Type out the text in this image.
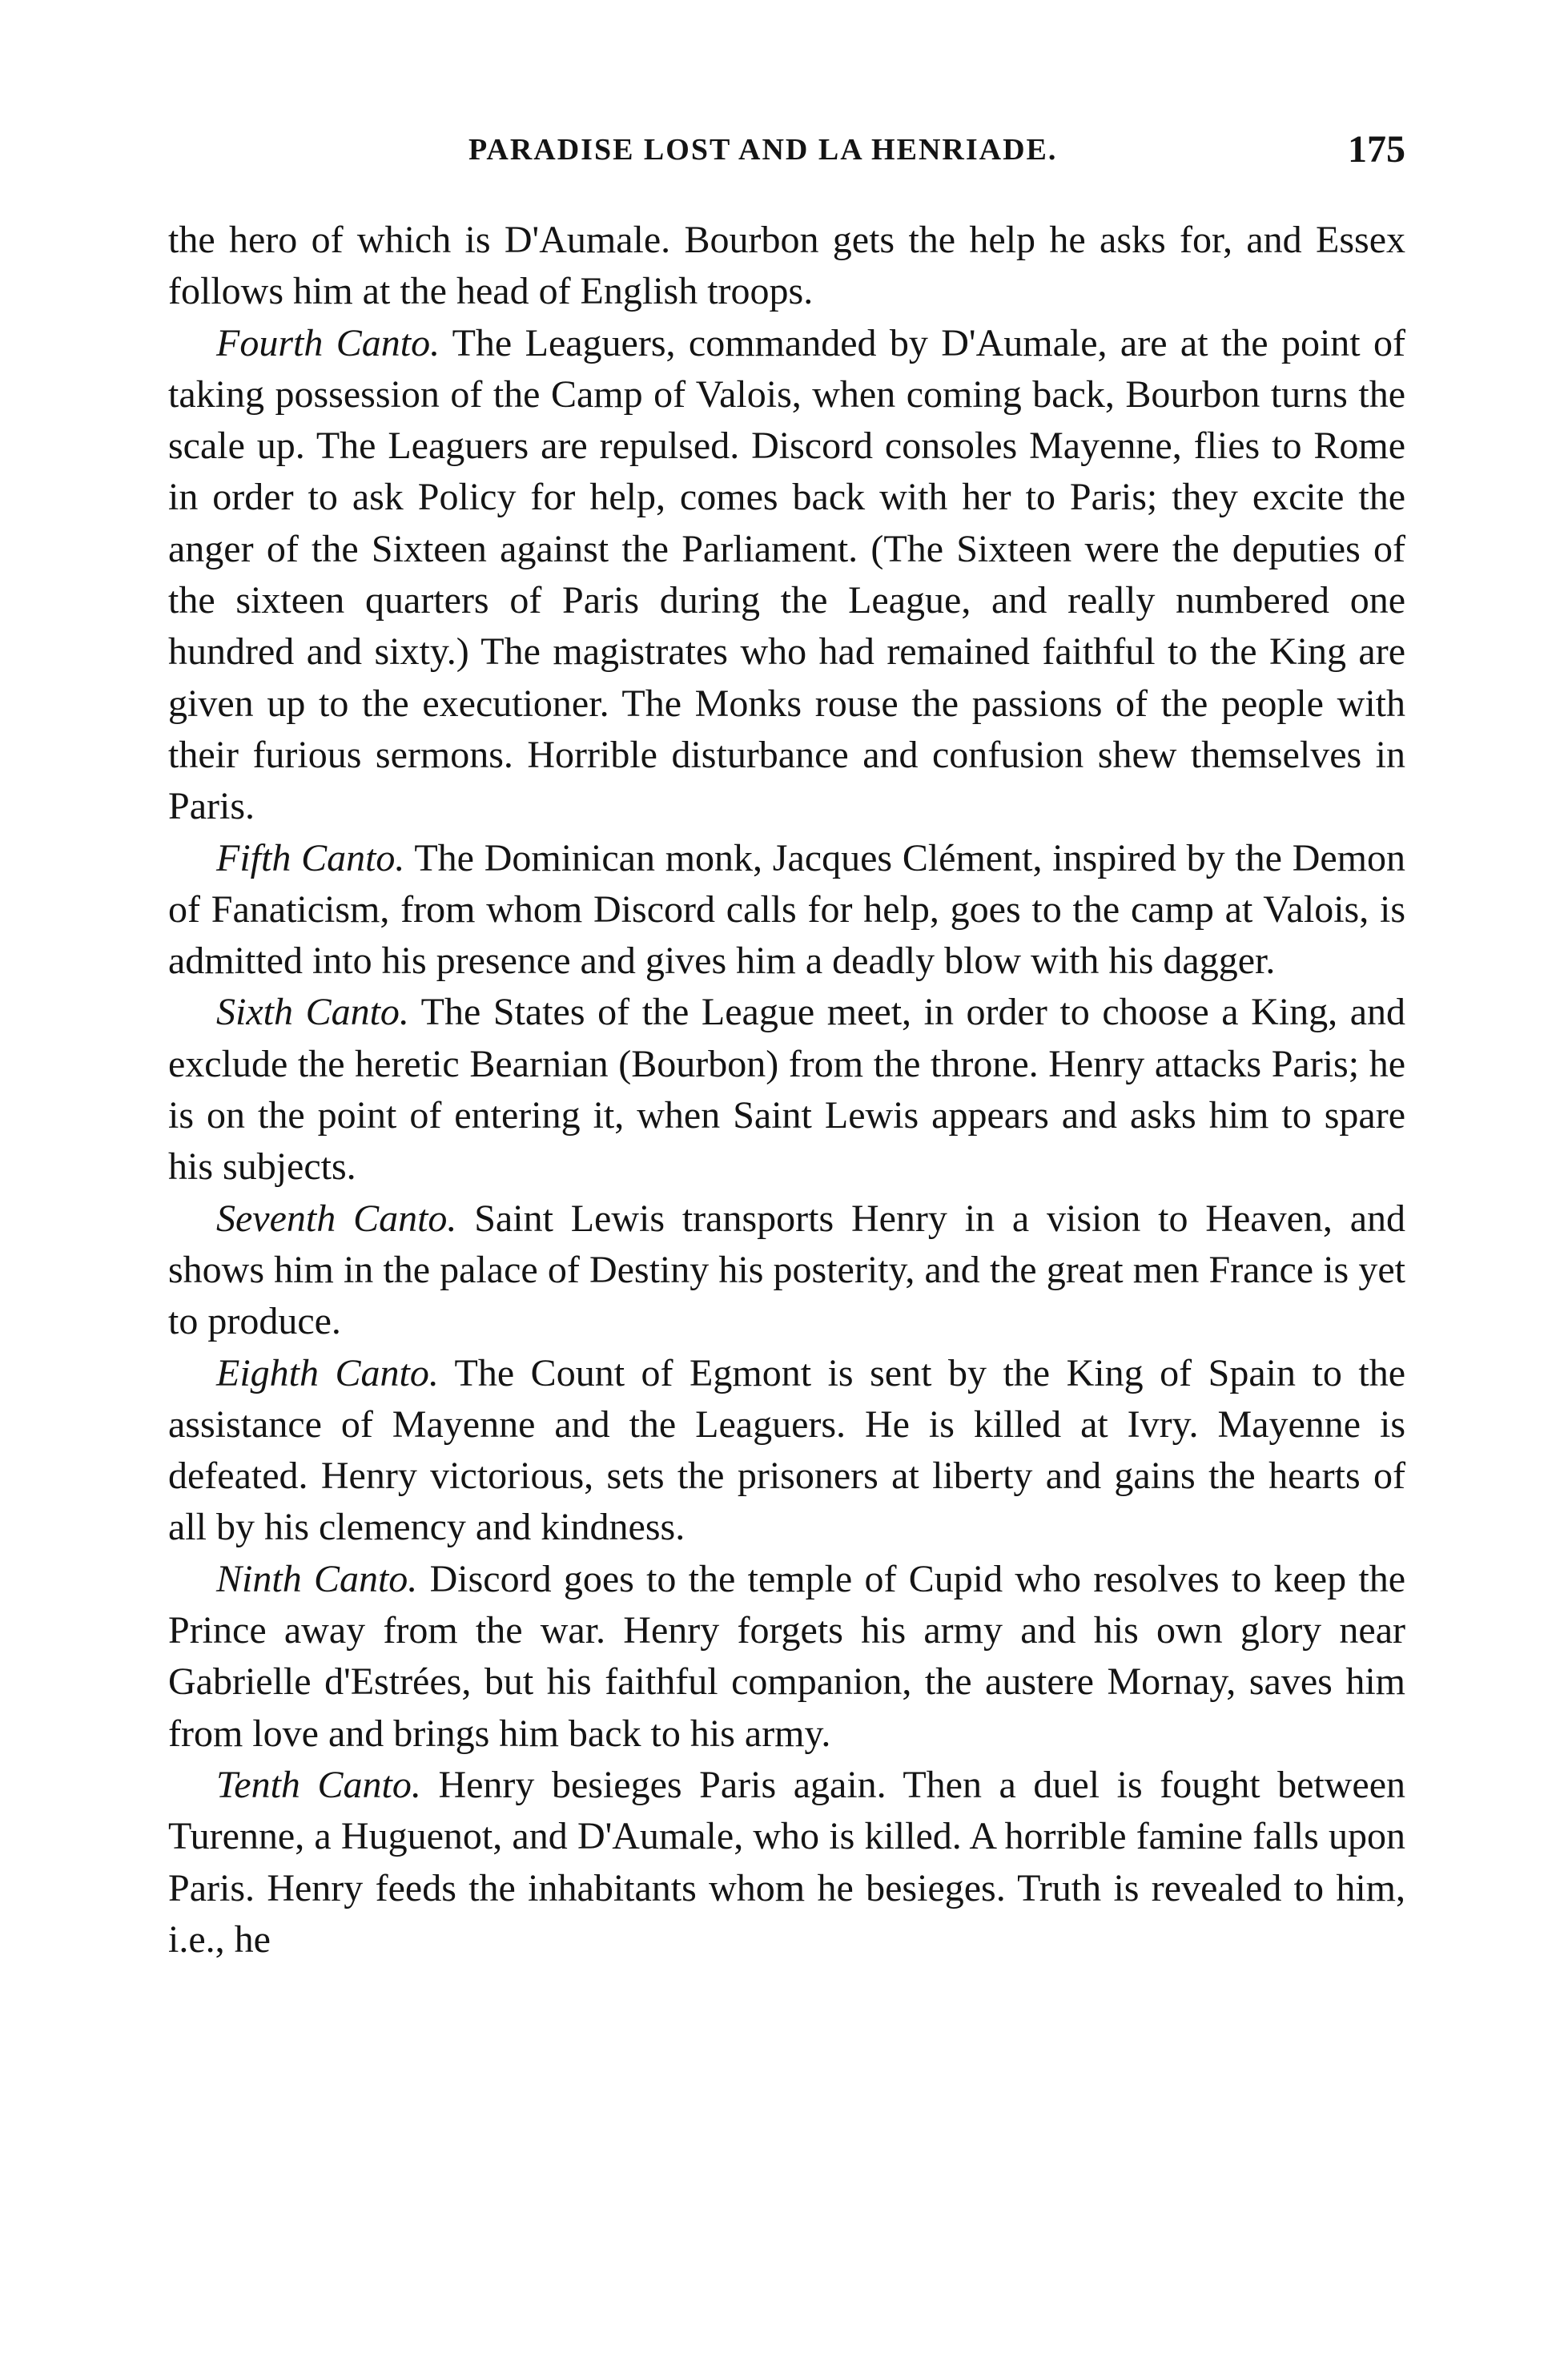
PARADISE LOST AND LA HENRIADE.	175

the hero of which is D'Aumale. Bourbon gets the help he asks for, and Essex follows him at the head of English troops.

Fourth Canto. The Leaguers, commanded by D'Aumale, are at the point of taking possession of the Camp of Valois, when coming back, Bourbon turns the scale up. The Leaguers are repulsed. Discord consoles Mayenne, flies to Rome in order to ask Policy for help, comes back with her to Paris; they excite the anger of the Sixteen against the Parliament. (The Sixteen were the deputies of the sixteen quarters of Paris during the League, and really numbered one hundred and sixty.) The magistrates who had remained faithful to the King are given up to the executioner. The Monks rouse the passions of the people with their furious sermons. Horrible disturbance and confusion shew themselves in Paris.

Fifth Canto. The Dominican monk, Jacques Clément, inspired by the Demon of Fanaticism, from whom Discord calls for help, goes to the camp at Valois, is admitted into his presence and gives him a deadly blow with his dagger.

Sixth Canto. The States of the League meet, in order to choose a King, and exclude the heretic Bearnian (Bourbon) from the throne. Henry attacks Paris; he is on the point of entering it, when Saint Lewis appears and asks him to spare his subjects.

Seventh Canto. Saint Lewis transports Henry in a vision to Heaven, and shows him in the palace of Destiny his posterity, and the great men France is yet to produce.

Eighth Canto. The Count of Egmont is sent by the King of Spain to the assistance of Mayenne and the Leaguers. He is killed at Ivry. Mayenne is defeated. Henry victorious, sets the prisoners at liberty and gains the hearts of all by his clemency and kindness.

Ninth Canto. Discord goes to the temple of Cupid who resolves to keep the Prince away from the war. Henry forgets his army and his own glory near Gabrielle d'Estrées, but his faithful companion, the austere Mornay, saves him from love and brings him back to his army.

Tenth Canto. Henry besieges Paris again. Then a duel is fought between Turenne, a Huguenot, and D'Aumale, who is killed. A horrible famine falls upon Paris. Henry feeds the inhabitants whom he besieges. Truth is revealed to him, i.e., he
